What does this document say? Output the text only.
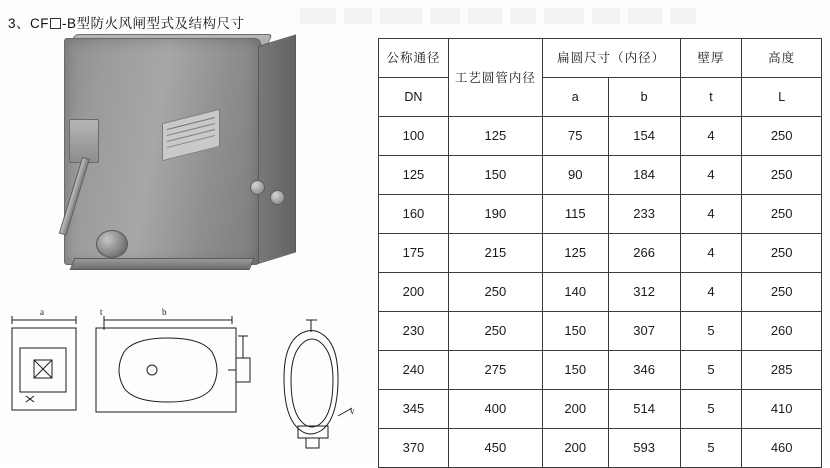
3、CF -B型防火风闸型式及结构尺寸
a	t	b
v
公称通径	工艺圆管内径	扁圆尺寸（内径）		壁厚	高度
DN		a	b	t	L
100	125	75	154	4	250
125	150	90	184	4	250
160	190	115	233	4	250
175	215	125	266	4	250
200	250	140	312	4	250
230	250	150	307	5	260
240	275	150	346	5	285
345	400	200	514	5	410
370	450	200	593	5	460
